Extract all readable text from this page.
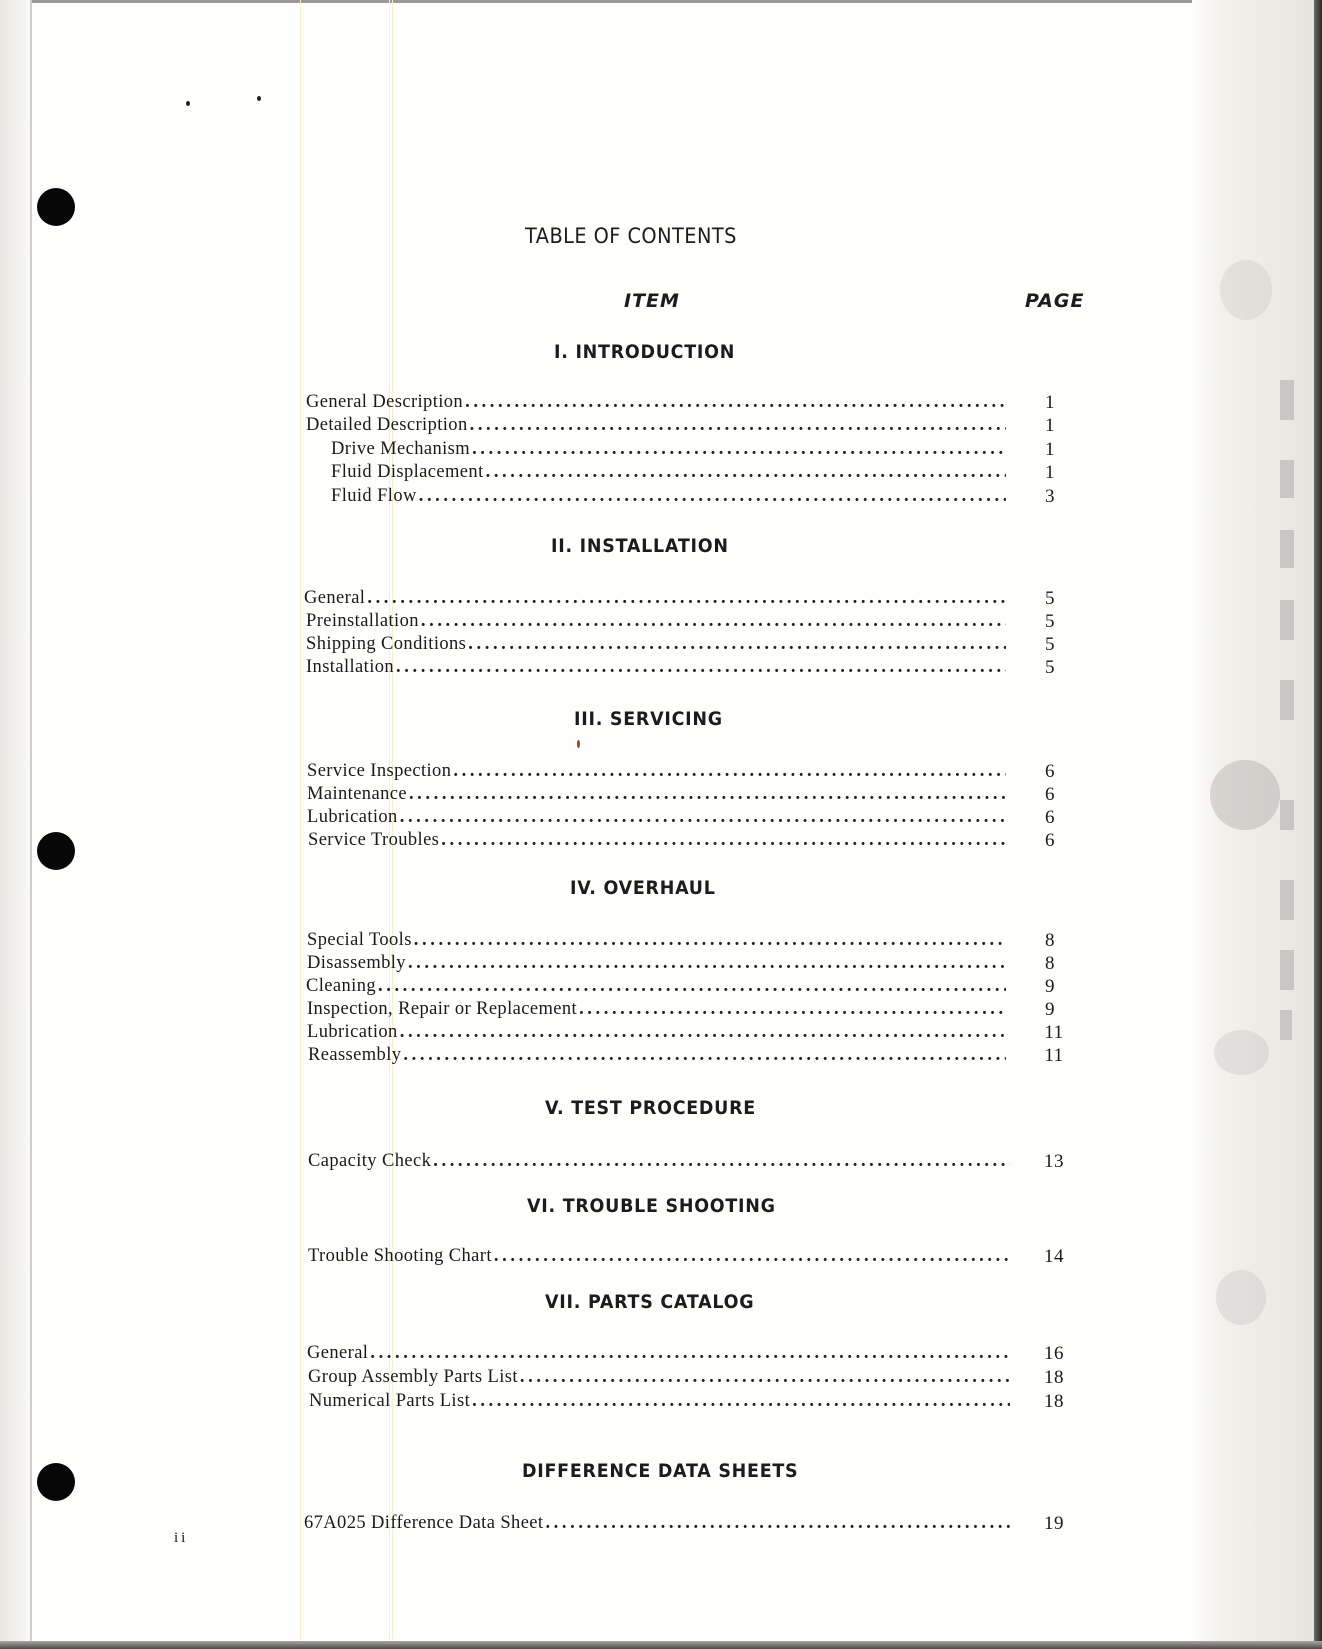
TABLE OF CONTENTS
ITEM	PAGE
I. INTRODUCTION
General Description .....	1
Detailed Description .....	1
Drive Mechanism .....	1
Fluid Displacement .....	1
Fluid Flow .....	3
II. INSTALLATION
General .....	5
Preinstallation .....	5
Shipping Conditions .....	5
Installation .....	5
III. SERVICING
Service Inspection .....	6
Maintenance .....	6
Lubrication .....	6
Service Troubles .....	6
IV. OVERHAUL
Special Tools .....	8
Disassembly .....	8
Cleaning .....	9
Inspection, Repair or Replacement .....	9
Lubrication .....	11
Reassembly .....	11
V. TEST PROCEDURE
Capacity Check .....	13
VI. TROUBLE SHOOTING
Trouble Shooting Chart .....	14
VII. PARTS CATALOG
General .....	16
Group Assembly Parts List .....	18
Numerical Parts List .....	18
DIFFERENCE DATA SHEETS
67A025 Difference Data Sheet .....	19
ii
